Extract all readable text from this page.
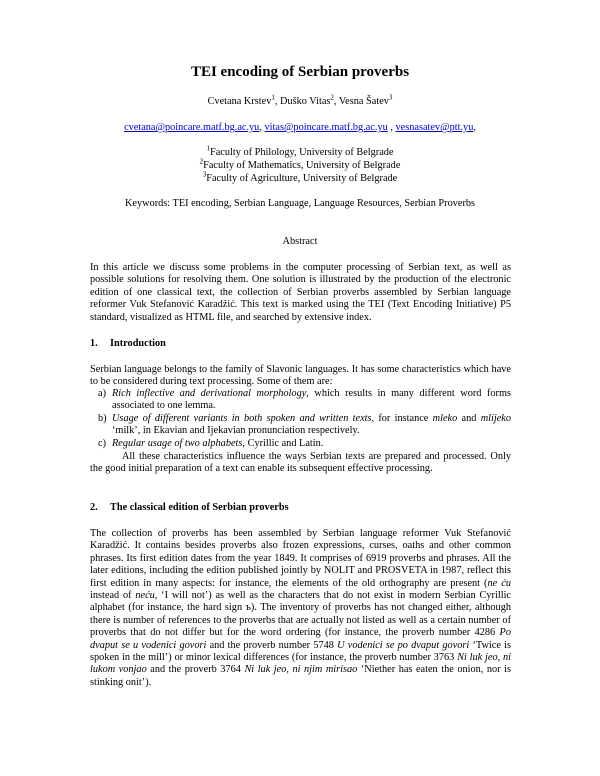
TEI encoding of Serbian proverbs
Cvetana Krstev$^1$, Duško Vitas$^2$, Vesna Šatev$^3$
cvetana@poincare.matf.bg.ac.yu, vitas@poincare.matf.bg.ac.yu , vesnasatev@ptt.yu,
$^1$Faculty of Philology, University of Belgrade
$^2$Faculty of Mathematics, University of Belgrade
$^3$Faculty of Agriculture, University of Belgrade
Keywords: TEI encoding, Serbian Language, Language Resources, Serbian Proverbs
Abstract

In this article we discuss some problems in the computer processing of Serbian text, as well as possible solutions for resolving them. One solution is illustrated by the production of the electronic edition of one classical text, the collection of Serbian proverbs assembled by Serbian language reformer Vuk Stefanović Karadžić. This text is marked using the TEI (Text Encoding Initiative) P5 standard, visualized as HTML file, and searched by extensive index.

1. Introduction

Serbian language belongs to the family of Slavonic languages. It has some characteristics which have to be considered during text processing. Some of them are:

a) Rich inflective and derivational morphology, which results in many different word forms associated to one lemma.
b) Usage of different variants in both spoken and written texts, for instance mleko and mlijeko ‘milk’, in Ekavian and Ijekavian pronunciation respectively.
c) Regular usage of two alphabets, Cyrillic and Latin.

All these characteristics influence the ways Serbian texts are prepared and processed. Only the good initial preparation of a text can enable its subsequent effective processing.

2. The classical edition of Serbian proverbs

The collection of proverbs has been assembled by Serbian language reformer Vuk Stefanović Karadžić. It contains besides proverbs also frozen expressions, curses, oaths and other common phrases. Its first edition dates from the year 1849. It comprises of 6919 proverbs and phrases. All the later editions, including the edition published jointly by NOLIT and PROSVETA in 1987, reflect this first edition in many aspects: for instance, the elements of the old orthography are present (ne ću instead of neću, ‘I will not’) as well as the characters that do not exist in modern Serbian Cyrillic alphabet (for instance, the hard sign ъ). The inventory of proverbs has not changed either, although there is number of references to the proverbs that are actually not listed as well as a certain number of proverbs that do not differ but for the word ordering (for instance, the proverb number 4286 Po dvaput se u vodenici govori and the proverb number 5748 U vodenici se po dvaput govori ‘Twice is spoken in the mill’) or minor lexical differences (for instance, the proverb number 3763 Ni luk jeo, ni lukom vonjao and the proverb 3764 Ni luk jeo, ni njim mirisao ‘Niether has eaten the onion, nor is stinking onit’).
